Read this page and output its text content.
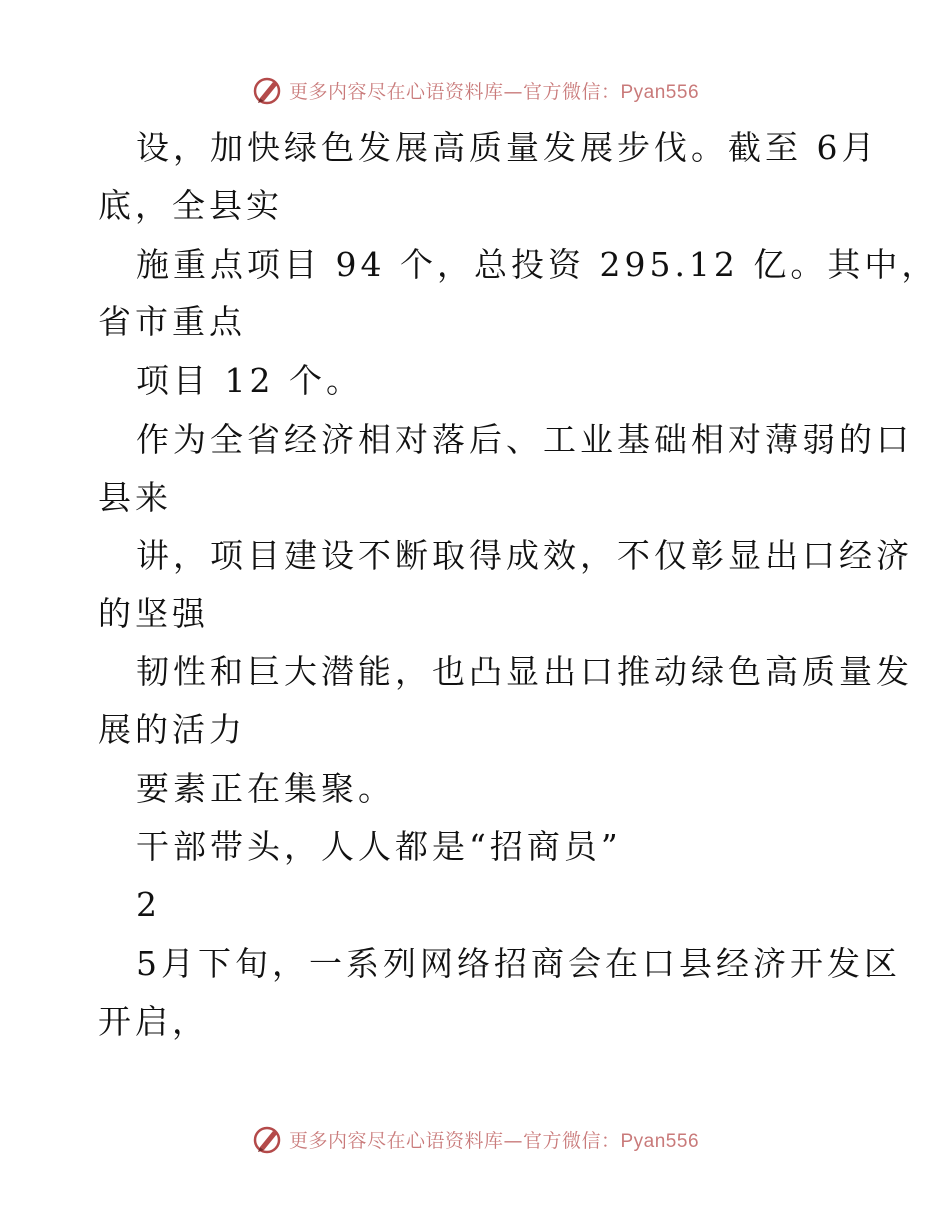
更多内容尽在心语资料库—官方微信：Pyan556
设，加快绿色发展高质量发展步伐。截至 6月
底，全县实
施重点项目 94 个，总投资 295.12 亿。其中，
省市重点
项目 12 个。
作为全省经济相对落后、工业基础相对薄弱的口
县来
讲，项目建设不断取得成效，不仅彰显出口经济
的坚强
韧性和巨大潜能，也凸显出口推动绿色高质量发
展的活力
要素正在集聚。
干部带头，人人都是“招商员”
2
5月下旬，一系列网络招商会在口县经济开发区
开启，
更多内容尽在心语资料库—官方微信：Pyan556
